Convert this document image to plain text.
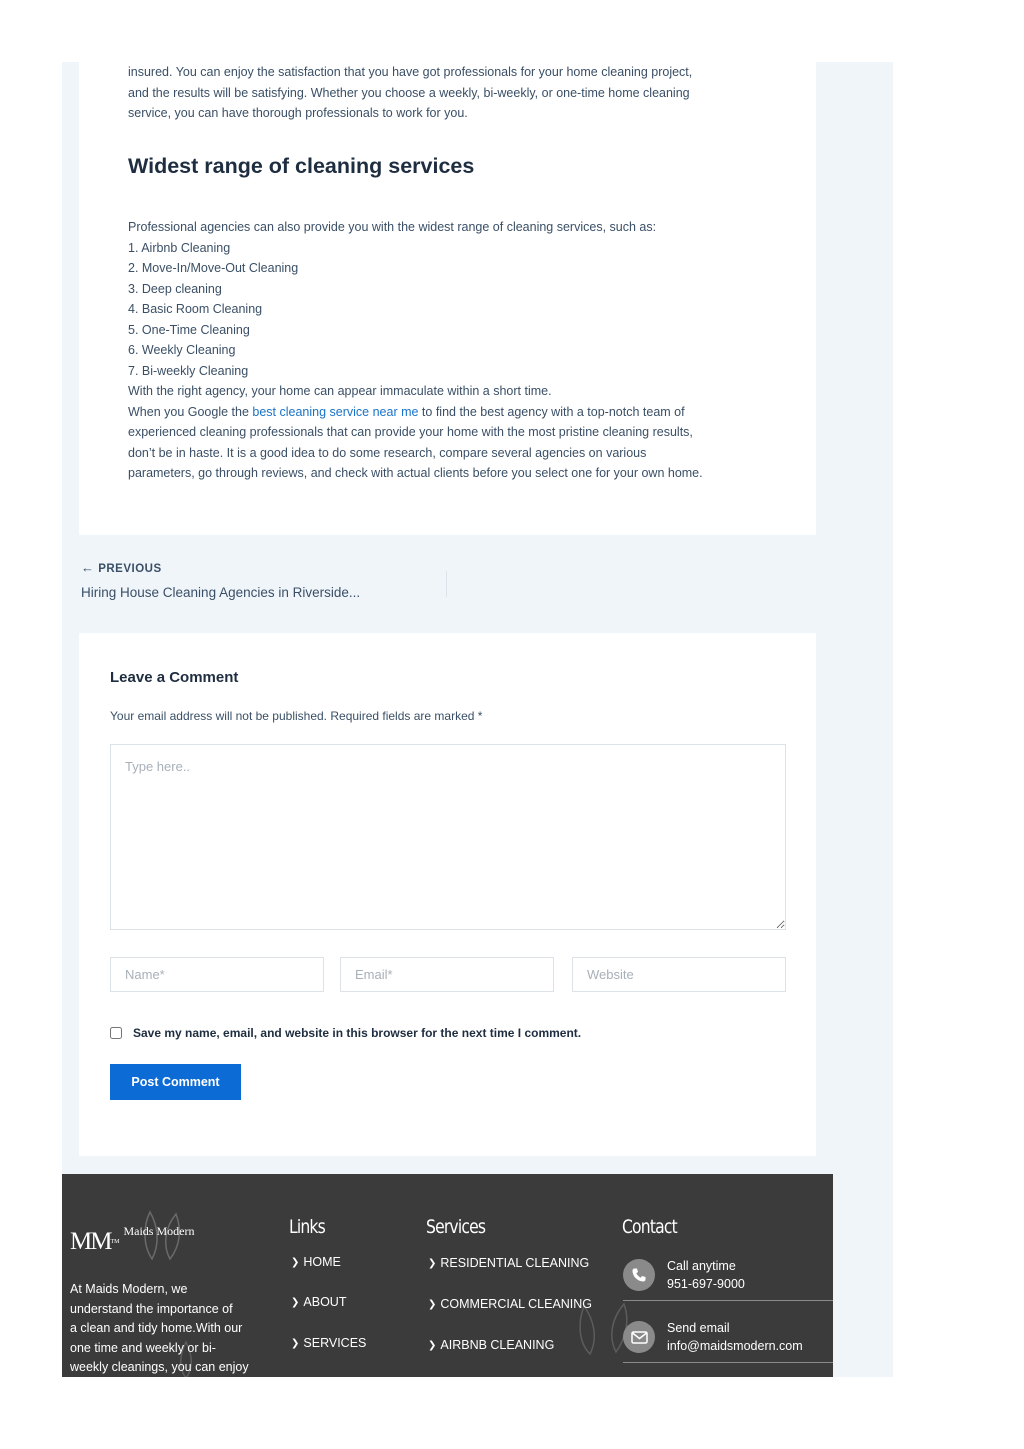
insured. You can enjoy the satisfaction that you have got professionals for your home cleaning project,

and the results will be satisfying. Whether you choose a weekly, bi-weekly, or one-time home cleaning

service, you can have thorough professionals to work for you.

Widest range of cleaning services

Professional agencies can also provide you with the widest range of cleaning services, such as:

1. Airbnb Cleaning
2. Move-In/Move-Out Cleaning
3. Deep cleaning
4. Basic Room Cleaning
5. One-Time Cleaning
6. Weekly Cleaning
7. Bi-weekly Cleaning

With the right agency, your home can appear immaculate within a short time.

When you Google the best cleaning service near me to find the best agency with a top-notch team of

experienced cleaning professionals that can provide your home with the most pristine cleaning results,

don’t be in haste. It is a good idea to do some research, compare several agencies on various

parameters, go through reviews, and check with actual clients before you select one for your own home.

← PREVIOUS
Hiring House Cleaning Agencies in Riverside...
Leave a Comment
Your email address will not be published. Required fields are marked *
Type here..
Name*
Email*
Website
Save my name, email, and website in this browser for the next time I comment.
Post Comment
MM™
Maids Modern
At Maids Modern, we
understand the importance of
a clean and tidy home.With our
one time and weekly or bi-
weekly cleanings, you can enjoy
Links
❯ HOME
❯ ABOUT
❯ SERVICES
Services
❯ RESIDENTIAL CLEANING
❯ COMMERCIAL CLEANING
❯ AIRBNB CLEANING
Contact
Call anytime
951-697-9000
Send email
info@maidsmodern.com
